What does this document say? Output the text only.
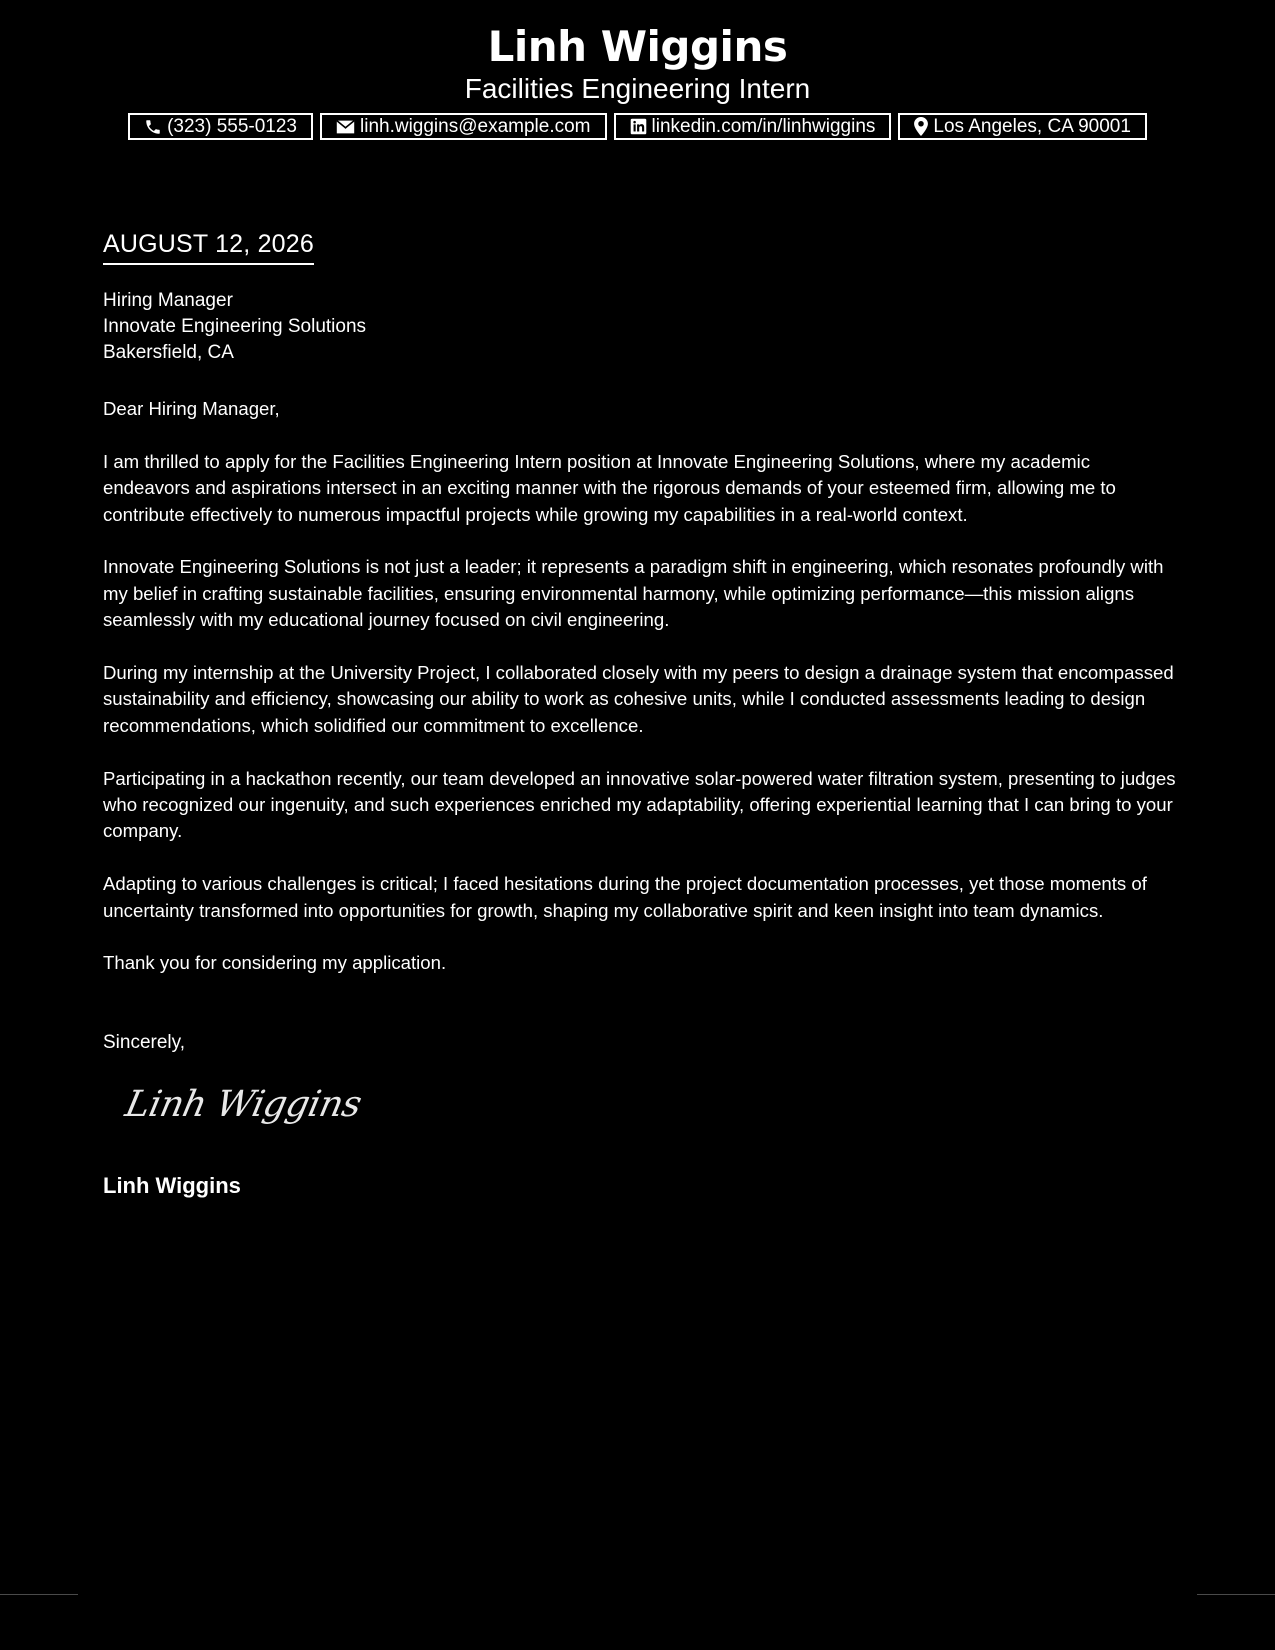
Linh Wiggins
Facilities Engineering Intern
(323) 555-0123	linh.wiggins@example.com	linkedin.com/in/linhwiggins	Los Angeles, CA 90001
AUGUST 12, 2026
Hiring Manager
Innovate Engineering Solutions
Bakersfield, CA

Dear Hiring Manager,

I am thrilled to apply for the Facilities Engineering Intern position at Innovate Engineering Solutions, where my academic endeavors and aspirations intersect in an exciting manner with the rigorous demands of your esteemed firm, allowing me to contribute effectively to numerous impactful projects while growing my capabilities in a real-world context.

Innovate Engineering Solutions is not just a leader; it represents a paradigm shift in engineering, which resonates profoundly with my belief in crafting sustainable facilities, ensuring environmental harmony, while optimizing performance—this mission aligns seamlessly with my educational journey focused on civil engineering.

During my internship at the University Project, I collaborated closely with my peers to design a drainage system that encompassed sustainability and efficiency, showcasing our ability to work as cohesive units, while I conducted assessments leading to design recommendations, which solidified our commitment to excellence.

Participating in a hackathon recently, our team developed an innovative solar-powered water filtration system, presenting to judges who recognized our ingenuity, and such experiences enriched my adaptability, offering experiential learning that I can bring to your company.

Adapting to various challenges is critical; I faced hesitations during the project documentation processes, yet those moments of uncertainty transformed into opportunities for growth, shaping my collaborative spirit and keen insight into team dynamics.

Thank you for considering my application.

Sincerely,
Linh Wiggins
Linh Wiggins
